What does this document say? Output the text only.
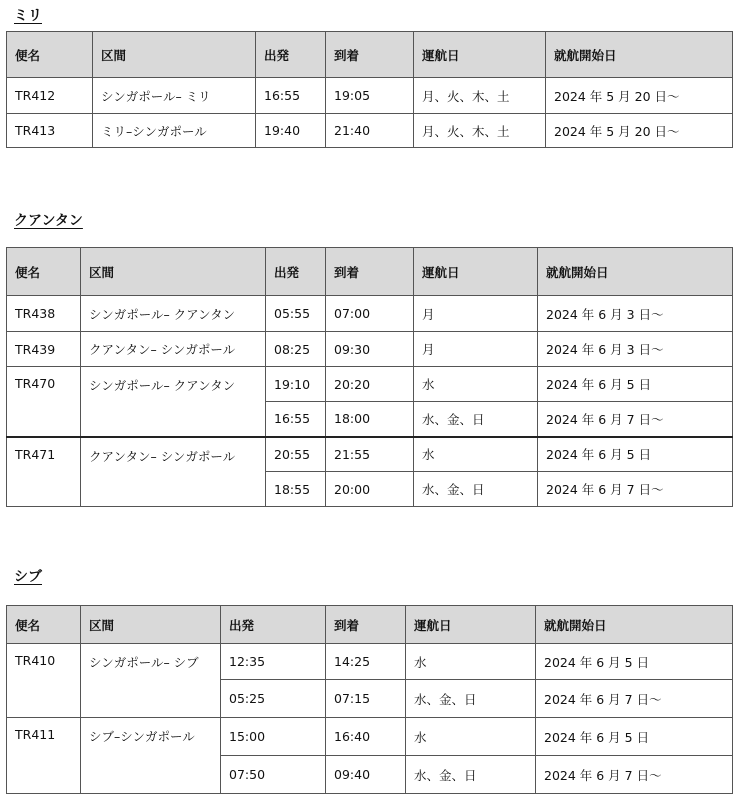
ミリ
便名	区間	出発	到着	運航日	就航開始日
TR412	シンガポール– ミリ	16:55	19:05	月、火、木、土	2024 年 5 月 20 日〜
TR413	ミリ–シンガポール	19:40	21:40	月、火、木、土	2024 年 5 月 20 日〜
クアンタン
便名	区間	出発	到着	運航日	就航開始日
TR438	シンガポール– クアンタン	05:55	07:00	月	2024 年 6 月 3 日〜
TR439	クアンタン– シンガポール	08:25	09:30	月	2024 年 6 月 3 日〜
TR470	シンガポール– クアンタン	19:10	20:20	水	2024 年 6 月 5 日
		16:55	18:00	水、金、日	2024 年 6 月 7 日〜
TR471	クアンタン– シンガポール	20:55	21:55	水	2024 年 6 月 5 日
		18:55	20:00	水、金、日	2024 年 6 月 7 日〜
シブ
便名	区間	出発	到着	運航日	就航開始日
TR410	シンガポール– シブ	12:35	14:25	水	2024 年 6 月 5 日
		05:25	07:15	水、金、日	2024 年 6 月 7 日〜
TR411	シブ–シンガポール	15:00	16:40	水	2024 年 6 月 5 日
		07:50	09:40	水、金、日	2024 年 6 月 7 日〜
